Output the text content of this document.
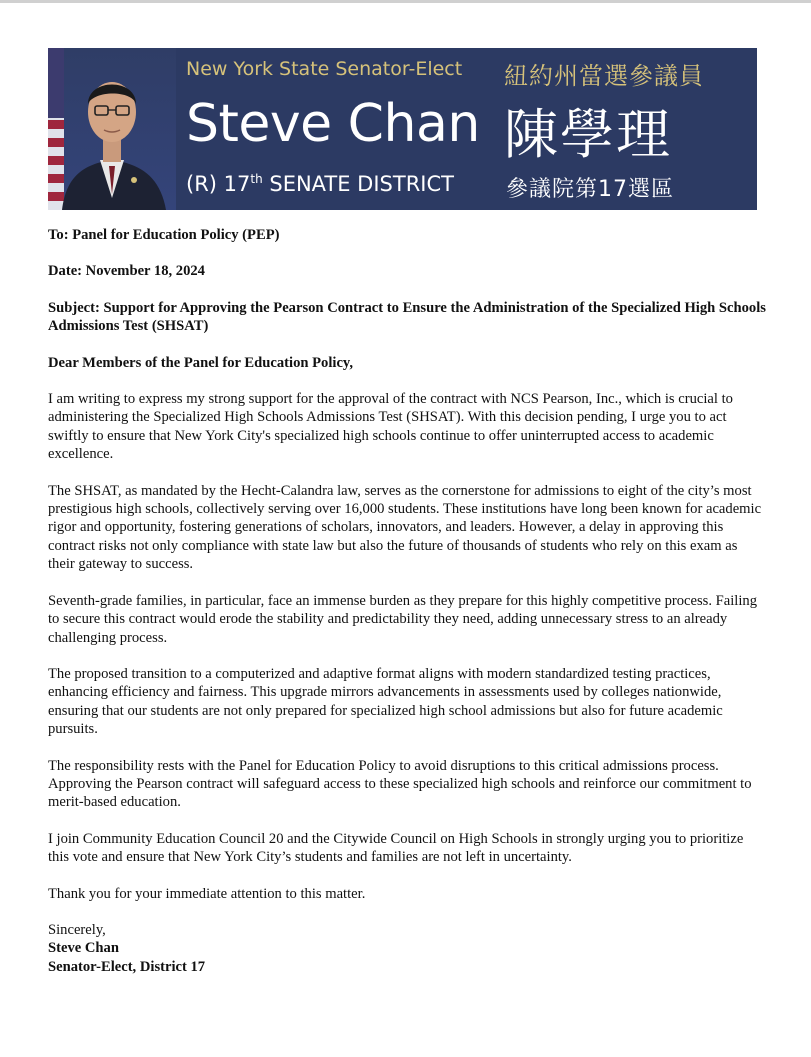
New York State Senator-Elect
Steve Chan
(R) 17th SENATE DISTRICT
紐約州當選參議員
陳學理
參議院第17選區

To: Panel for Education Policy (PEP)

Date: November 18, 2024

Subject: Support for Approving the Pearson Contract to Ensure the Administration of the Specialized High Schools Admissions Test (SHSAT)

Dear Members of the Panel for Education Policy,

I am writing to express my strong support for the approval of the contract with NCS Pearson, Inc., which is crucial to administering the Specialized High Schools Admissions Test (SHSAT). With this decision pending, I urge you to act swiftly to ensure that New York City's specialized high schools continue to offer uninterrupted access to academic excellence.

The SHSAT, as mandated by the Hecht-Calandra law, serves as the cornerstone for admissions to eight of the city’s most prestigious high schools, collectively serving over 16,000 students. These institutions have long been known for academic rigor and opportunity, fostering generations of scholars, innovators, and leaders. However, a delay in approving this contract risks not only compliance with state law but also the future of thousands of students who rely on this exam as their gateway to success.

Seventh-grade families, in particular, face an immense burden as they prepare for this highly competitive process. Failing to secure this contract would erode the stability and predictability they need, adding unnecessary stress to an already challenging process.

The proposed transition to a computerized and adaptive format aligns with modern standardized testing practices, enhancing efficiency and fairness. This upgrade mirrors advancements in assessments used by colleges nationwide, ensuring that our students are not only prepared for specialized high school admissions but also for future academic pursuits.

The responsibility rests with the Panel for Education Policy to avoid disruptions to this critical admissions process. Approving the Pearson contract will safeguard access to these specialized high schools and reinforce our commitment to merit-based education.

I join Community Education Council 20 and the Citywide Council on High Schools in strongly urging you to prioritize this vote and ensure that New York City’s students and families are not left in uncertainty.

Thank you for your immediate attention to this matter.

Sincerely,

Steve Chan

Senator-Elect, District 17
